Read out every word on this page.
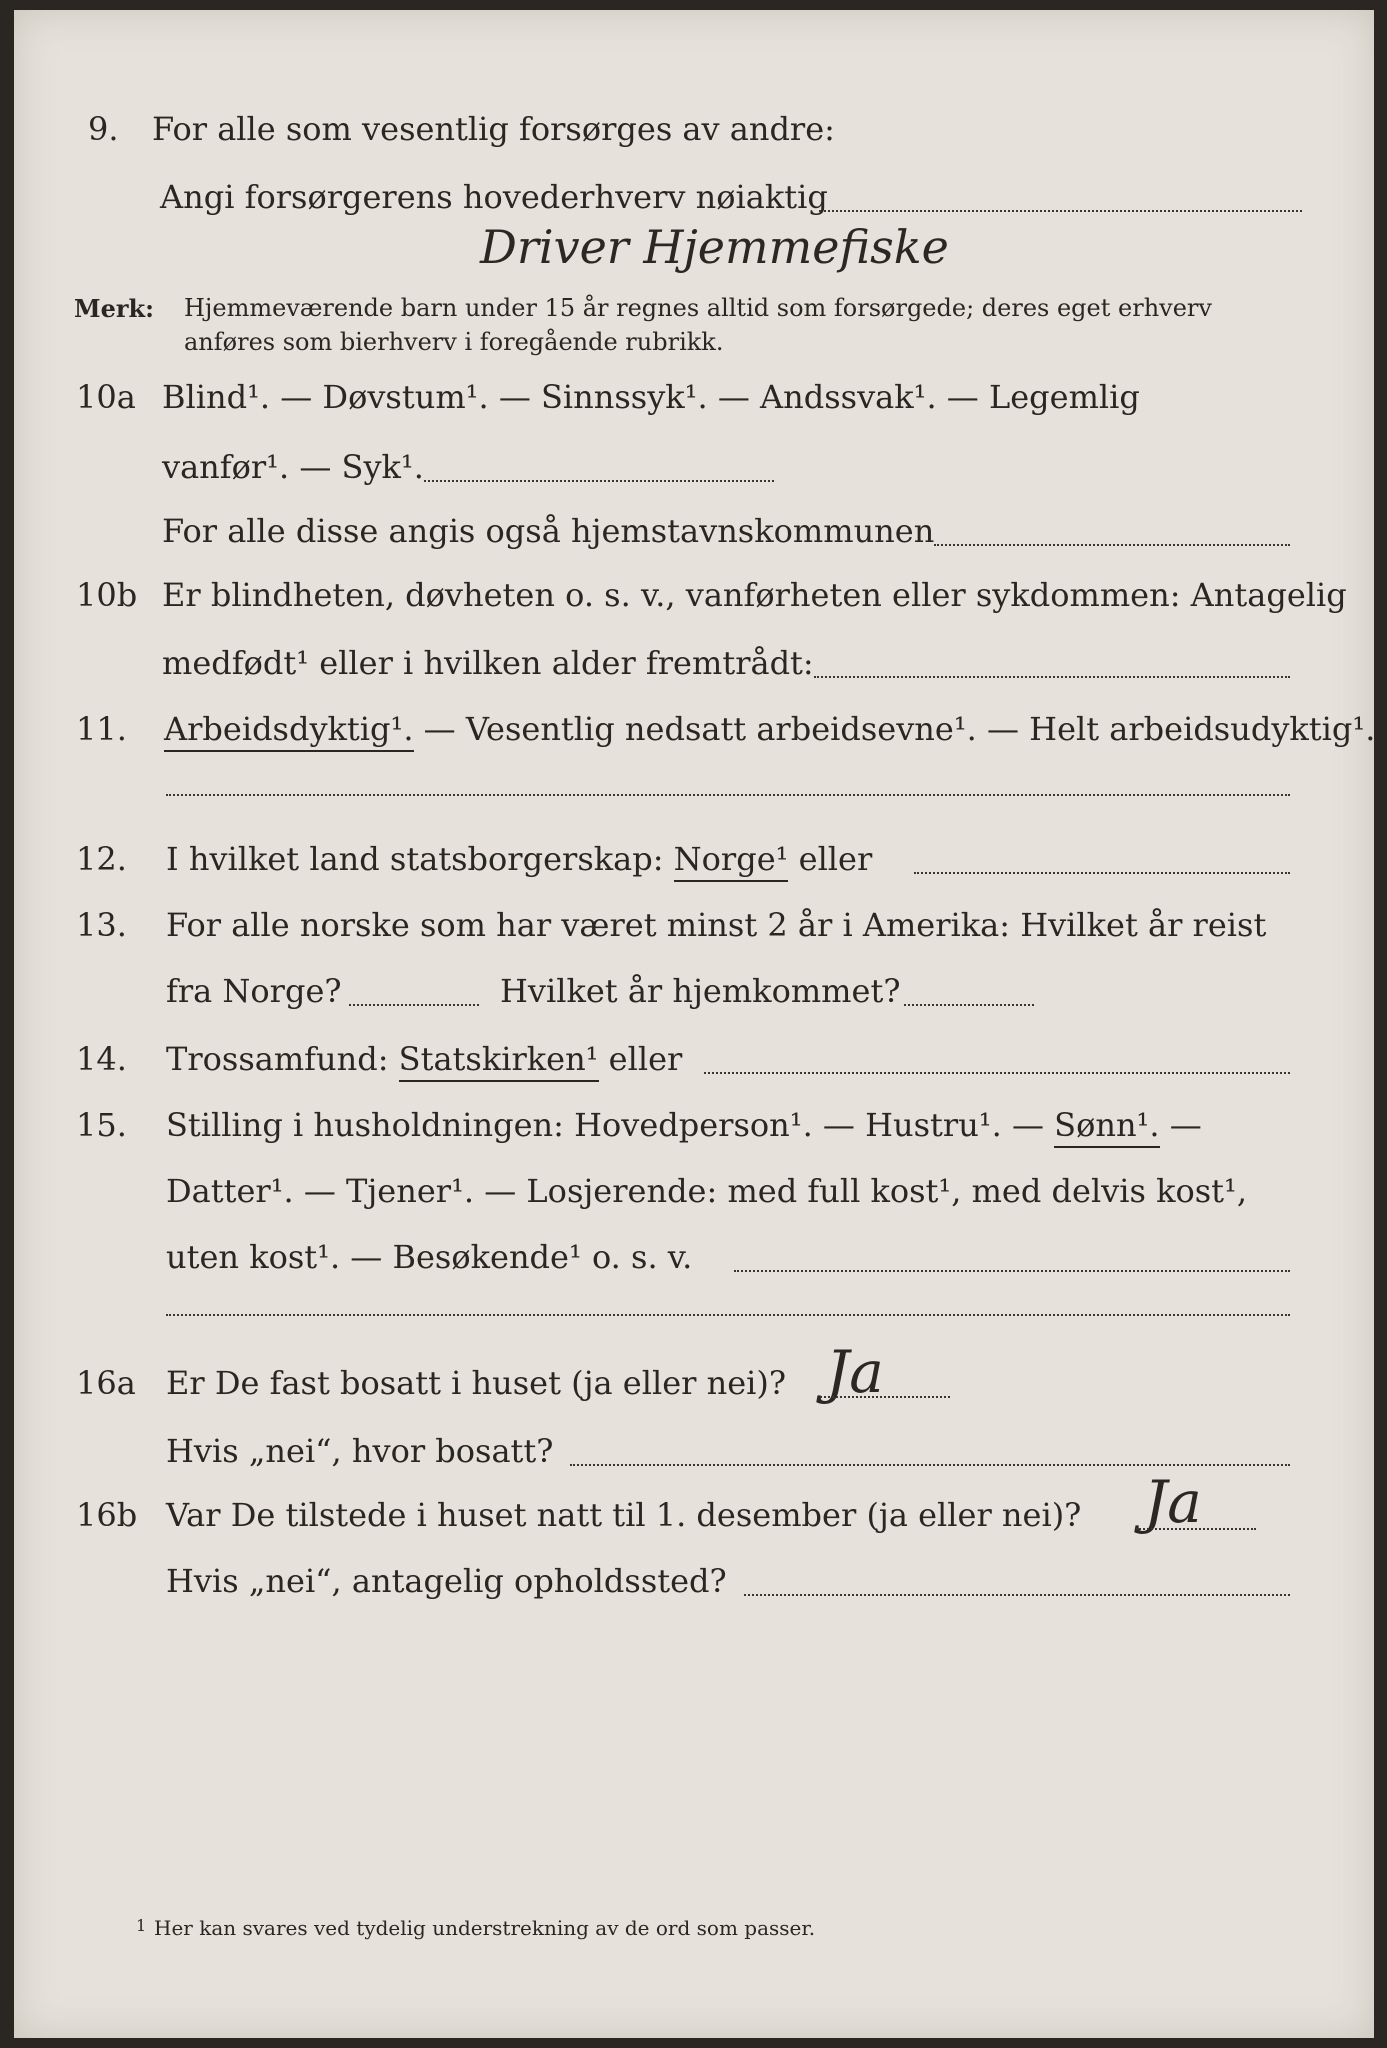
9. For alle som vesentlig forsørges av andre:
Angi forsørgerens hovederhverv nøiaktig
Driver Hjemmefiske
Merk: Hjemmeværende barn under 15 år regnes alltid som forsørgede; deres eget erhverv
anføres som bierhverv i foregående rubrikk.
10a Blind¹. — Døvstum¹. — Sinnssyk¹. — Andssvak¹. — Legemlig
vanfør¹. — Syk¹.
For alle disse angis også hjemstavnskommunen
10b Er blindheten, døvheten o. s. v., vanførheten eller sykdommen: Antagelig
medfødt¹ eller i hvilken alder fremtrådt:
11. Arbeidsdyktig¹. — Vesentlig nedsatt arbeidsevne¹. — Helt arbeidsudyktig¹.
12. I hvilket land statsborgerskap: Norge¹ eller
13. For alle norske som har været minst 2 år i Amerika: Hvilket år reist
fra Norge?	Hvilket år hjemkommet?
14. Trossamfund: Statskirken¹ eller
15. Stilling i husholdningen: Hovedperson¹. — Hustru¹. — Sønn¹. —
Datter¹. — Tjener¹. — Losjerende: med full kost¹, med delvis kost¹,
uten kost¹. — Besøkende¹ o. s. v.
16a Er De fast bosatt i huset (ja eller nei)? Ja
Hvis „nei“, hvor bosatt?
16b Var De tilstede i huset natt til 1. desember (ja eller nei)? Ja
Hvis „nei“, antagelig opholdssted?
1 Her kan svares ved tydelig understrekning av de ord som passer.
